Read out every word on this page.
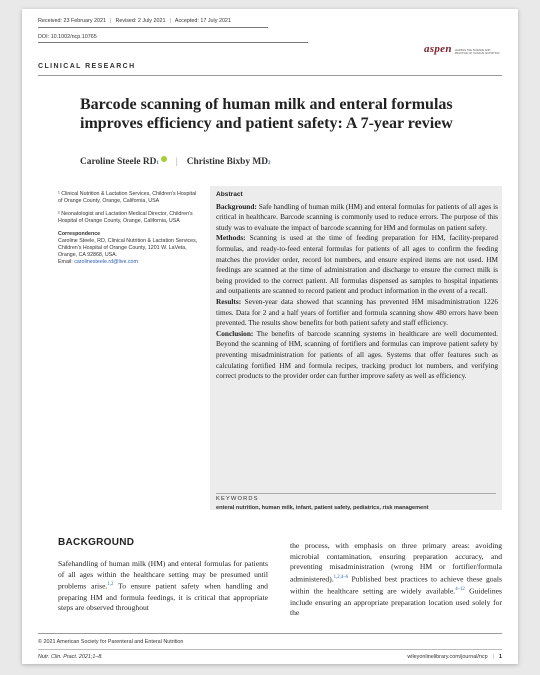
Received: 23 February 2021 | Revised: 2 July 2021 | Accepted: 17 July 2021
DOI: 10.1002/ncp.10765
aspen LEADING THE SCIENCE AND PRACTICE OF CLINICAL NUTRITION
CLINICAL RESEARCH
Barcode scanning of human milk and enteral formulas improves efficiency and patient safety: A 7-year review
Caroline Steele RD 1 | Christine Bixby MD 2

¹ Clinical Nutrition & Lactation Services, Children's Hospital of Orange County, Orange, California, USA

² Neonatologist and Lactation Medical Director, Children's Hospital of Orange County, Orange, California, USA

Correspondence

Caroline Steele, RD, Clinical Nutrition & Lactation Services, Children's Hospital of Orange County, 1201 W. LaVeta, Orange, CA 92868, USA.

Email: carolinesteele.rd@live.com

Abstract

Background: Safe handling of human milk (HM) and enteral formulas for patients of all ages is critical in healthcare. Barcode scanning is commonly used to reduce errors. The purpose of this study was to evaluate the impact of barcode scanning for HM and formulas on patient safety.

Methods: Scanning is used at the time of feeding preparation for HM, facility-prepared formulas, and ready-to-feed enteral formulas for patients of all ages to confirm the feeding matches the provider order, record lot numbers, and ensure expired items are not used. HM feedings are scanned at the time of administration and discharge to ensure the correct milk is being provided to the correct patient. All formulas dispensed as samples to hospital inpatients and outpatients are scanned to record patient and product information in the event of a recall.

Results: Seven-year data showed that scanning has prevented HM misadministration 1226 times. Data for 2 and a half years of fortifier and formula scanning show 480 errors have been prevented. The results show benefits for both patient safety and staff efficiency.

Conclusion: The benefits of barcode scanning systems in healthcare are well documented. Beyond the scanning of HM, scanning of fortifiers and formulas can improve patient safety by preventing misadministration for patients of all ages. Systems that offer features such as calculating fortified HM and formula recipes, tracking product lot numbers, and verifying correct products to the provider order can further improve safety as well as efficiency.

KEYWORDS
enteral nutrition, human milk, infant, patient safety, pediatrics, risk management
BACKGROUND

Safehandling of human milk (HM) and enteral formulas for patients of all ages within the healthcare setting may be presumed until problems arise.$^{1,2}$ To ensure patient safety when handling and preparing HM and formula feedings, it is critical that appropriate steps are observed throughout

the process, with emphasis on three primary areas: avoiding microbial contamination, ensuring preparation accuracy, and preventing misadministration (wrong HM or fortifier/formula administered).$^{1,2,4-6}$ Published best practices to achieve these goals within the healthcare setting are widely available.$^{4-12}$ Guidelines include ensuring an appropriate preparation location used solely for the

© 2021 American Society for Parenteral and Enteral Nutrition
Nutr. Clin. Pract. 2021;1–8.	wileyonlinelibrary.com/journal/ncp | 1
